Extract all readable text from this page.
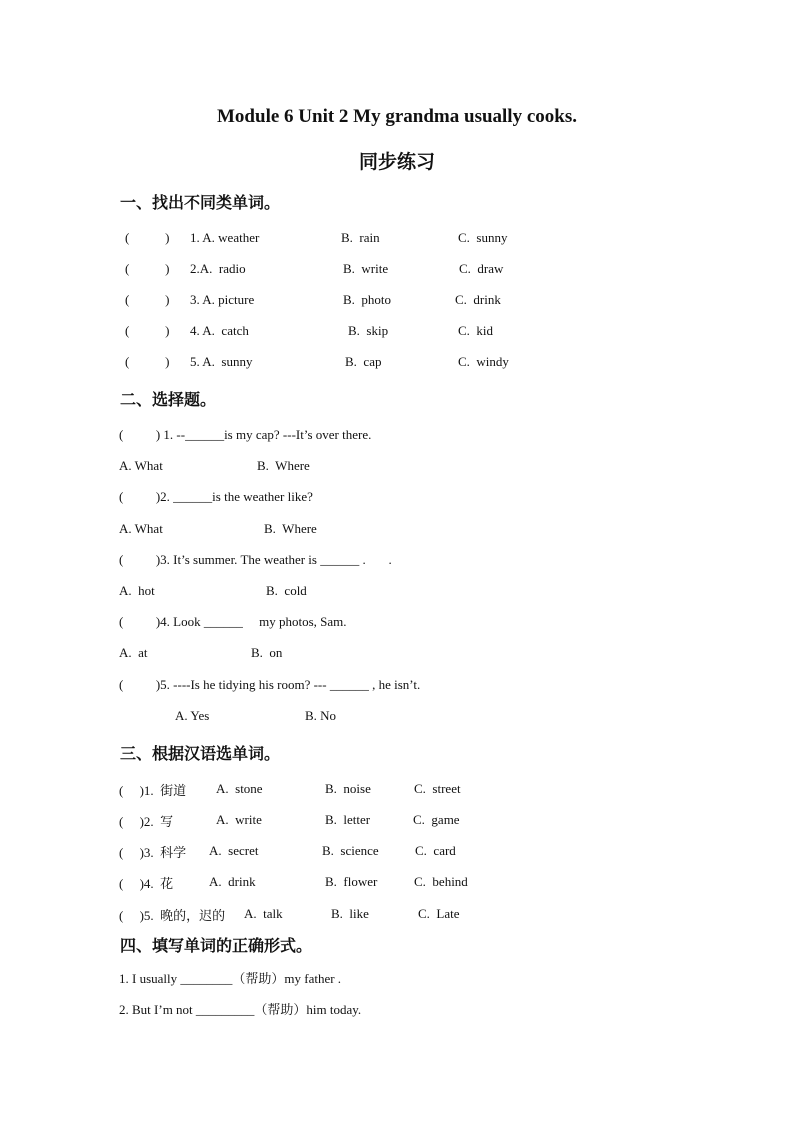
Module 6 Unit 2 My grandma usually cooks.
同步练习
一、找出不同类单词。
(           ) 1. A. weather	B.  rain	C.  sunny
(           ) 2.A.  radio	B.  write	C.  draw
(           ) 3. A. picture	B.  photo	C.  drink
(           ) 4. A.  catch	B.  skip	C.  kid
(           ) 5. A.  sunny	B.  cap	C.  windy
二、选择题。
(          ) 1. --______is my cap? ---It’s over there.
A. What	B.  Where
(          )2. ______is the weather like?
A. What	B.  Where
(          )3. It’s summer. The weather is ______ .       .
A.  hot	B.  cold
(          )4. Look ______     my photos, Sam.
A.  at	B.  on
(          )5. ----Is he tidying his room? --- ______ , he isn’t.
A. Yes	B. No
三、根据汉语选单词。
(     )1.  街道 A.  stone	B.  noise	C.  street
(     )2.  写	A.  write	B.  letter	C.  game
(     )3.  科学 A.  secret	B.  science	C.  card
(     )4.  花	A.  drink	B.  flower	C.  behind
(     )5.  晚的，迟的 A.  talk	B.  like	C.  Late
四、填写单词的正确形式。
1. I usually ________（帮助）my father .
2. But I’m not _________（帮助）him today.
